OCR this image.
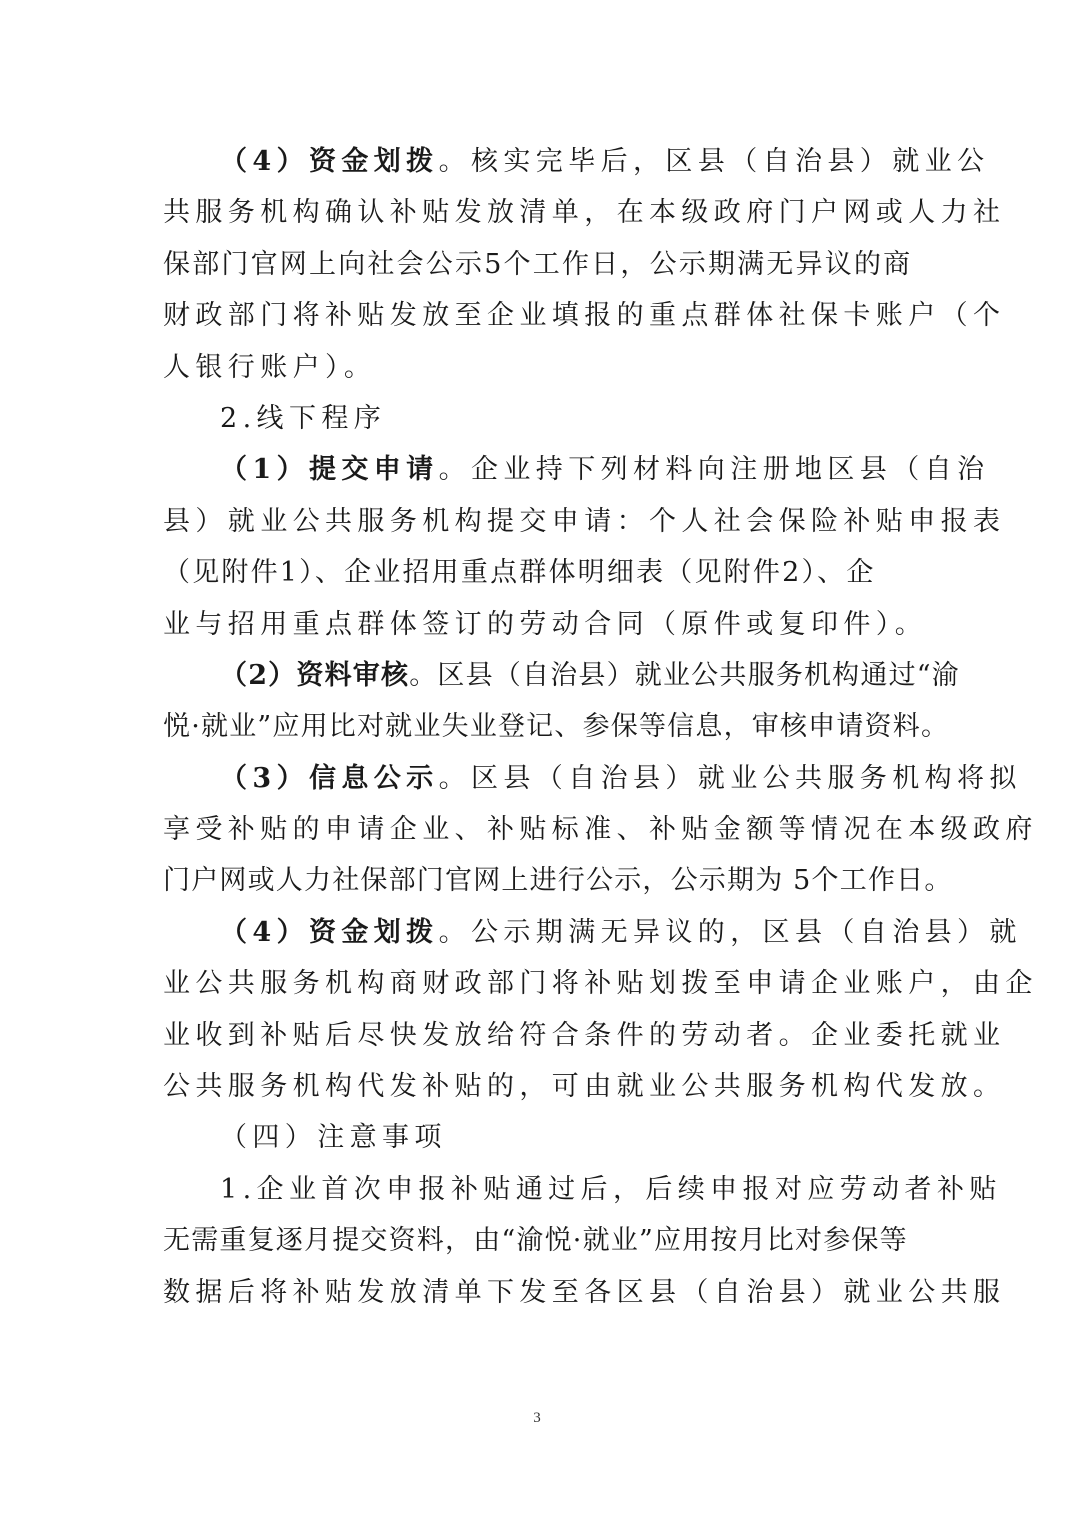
（4）资金划拨。核实完毕后，区县（自治县）就业公
共服务机构确认补贴发放清单，在本级政府门户网或人力社
保部门官网上向社会公示5个工作日，公示期满无异议的商
财政部门将补贴发放至企业填报的重点群体社保卡账户（个
人银行账户）。
2.线下程序
（1）提交申请。企业持下列材料向注册地区县（自治
县）就业公共服务机构提交申请：个人社会保险补贴申报表
（见附件1）、企业招用重点群体明细表（见附件2）、企
业与招用重点群体签订的劳动合同（原件或复印件）。
（2）资料审核。区县（自治县）就业公共服务机构通过“渝
悦·就业”应用比对就业失业登记、参保等信息，审核申请资料。
（3）信息公示。区县（自治县）就业公共服务机构将拟
享受补贴的申请企业、补贴标准、补贴金额等情况在本级政府
门户网或人力社保部门官网上进行公示，公示期为 5个工作日。
（4）资金划拨。公示期满无异议的，区县（自治县）就
业公共服务机构商财政部门将补贴划拨至申请企业账户，由企
业收到补贴后尽快发放给符合条件的劳动者。企业委托就业
公共服务机构代发补贴的，可由就业公共服务机构代发放。
（四）注意事项
1.企业首次申报补贴通过后，后续申报对应劳动者补贴
无需重复逐月提交资料，由“渝悦·就业”应用按月比对参保等
数据后将补贴发放清单下发至各区县（自治县）就业公共服
3
